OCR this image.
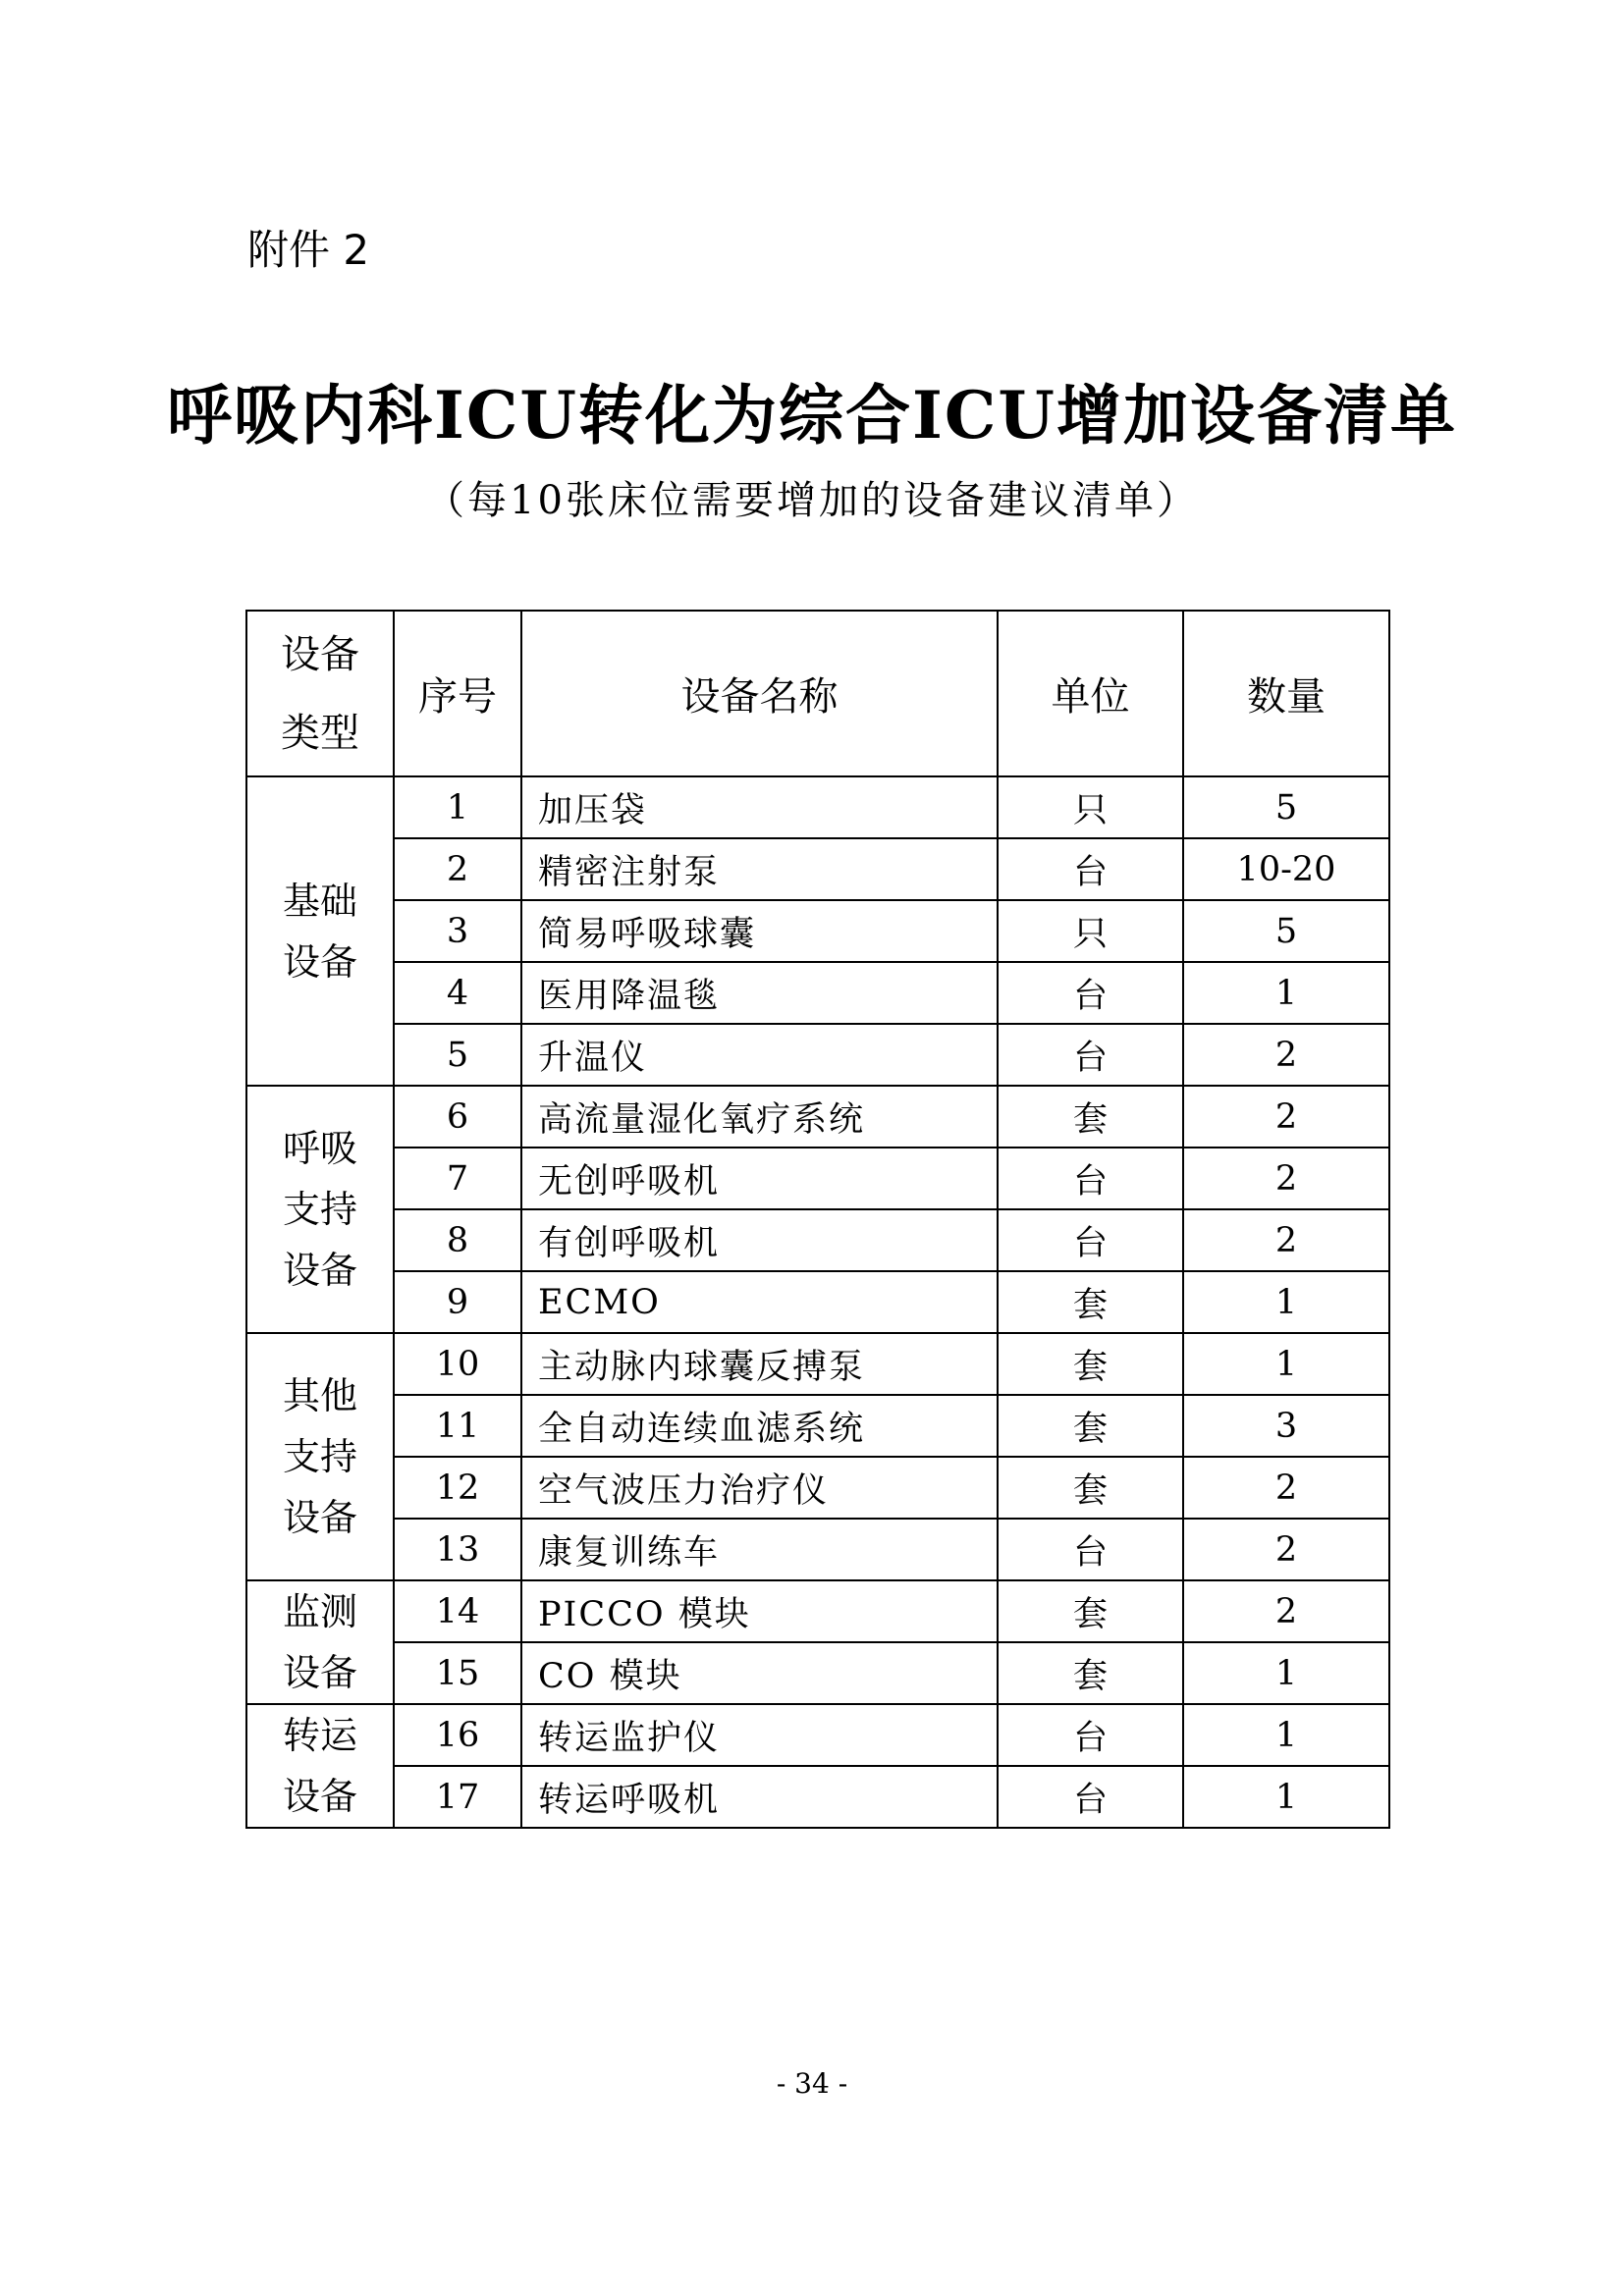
附件 2
呼吸内科ICU转化为综合ICU增加设备清单
（每10张床位需要增加的设备建议清单）
设备
类型	序号	设备名称	单位	数量

基础
设备	1	加压袋	只	5
	2	精密注射泵	台	10-20
	3	简易呼吸球囊	只	5
	4	医用降温毯	台	1
	5	升温仪	台	2

呼吸
支持
设备	6	高流量湿化氧疗系统	套	2
	7	无创呼吸机	台	2
	8	有创呼吸机	台	2
	9	ECMO	套	1

其他
支持
设备	10	主动脉内球囊反搏泵	套	1
	11	全自动连续血滤系统	套	3
	12	空气波压力治疗仪	套	2
	13	康复训练车	台	2

监测
设备	14	PICCO 模块	套	2
	15	CO 模块	套	1

转运
设备	16	转运监护仪	台	1
	17	转运呼吸机	台	1
- 34 -
